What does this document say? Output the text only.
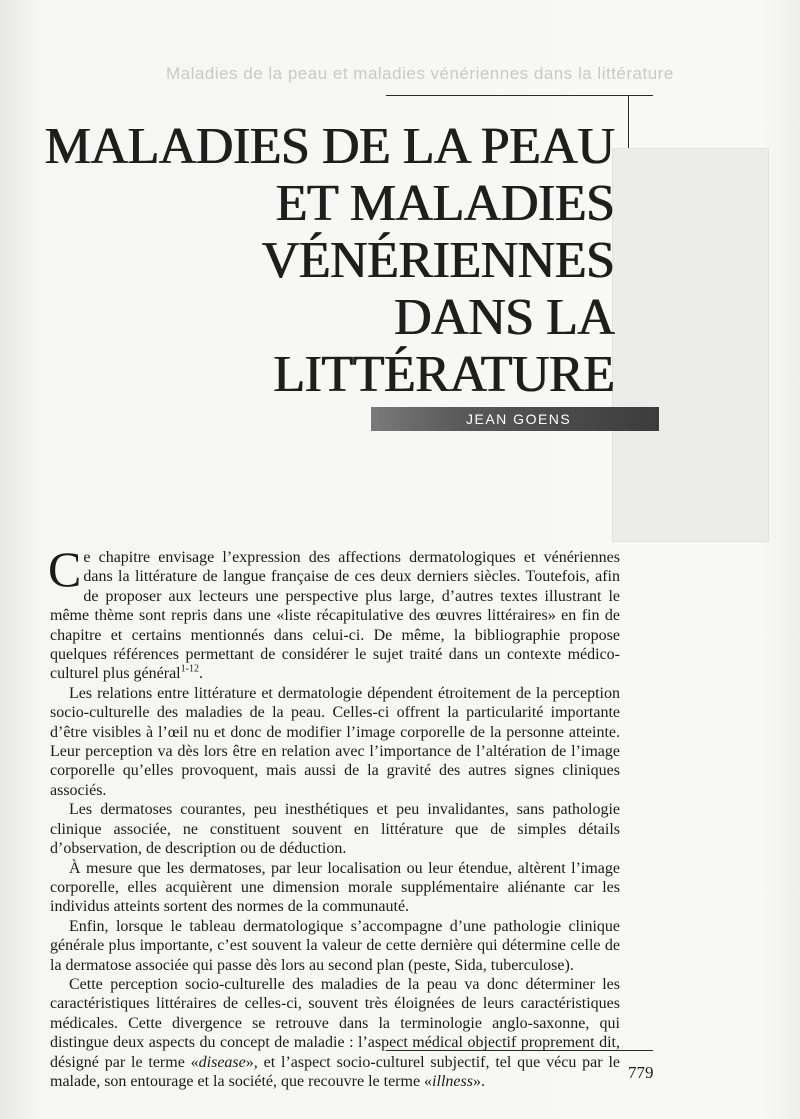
Maladies de la peau et maladies vénériennes dans la littérature
MALADIES DE LA PEAU
ET MALADIES
VÉNÉRIENNES
DANS LA
LITTÉRATURE
JEAN GOENS

Ce chapitre envisage l’expression des affections dermatologiques et vénériennes dans la littérature de langue française de ces deux derniers siècles. Toutefois, afin de proposer aux lecteurs une perspective plus large, d’autres textes illustrant le même thème sont repris dans une «liste récapitulative des œuvres littéraires» en fin de chapitre et certains mentionnés dans celui-ci. De même, la bibliographie propose quelques références permettant de considérer le sujet traité dans un contexte médico-culturel plus général$^{1-12}$.

Les relations entre littérature et dermatologie dépendent étroitement de la perception socio-culturelle des maladies de la peau. Celles-ci offrent la particularité importante d’être visibles à l’œil nu et donc de modifier l’image corporelle de la personne atteinte. Leur perception va dès lors être en relation avec l’importance de l’altération de l’image corporelle qu’elles provoquent, mais aussi de la gravité des autres signes cliniques associés.

Les dermatoses courantes, peu inesthétiques et peu invalidantes, sans pathologie clinique associée, ne constituent souvent en littérature que de simples détails d’observation, de description ou de déduction.

À mesure que les dermatoses, par leur localisation ou leur étendue, altèrent l’image corporelle, elles acquièrent une dimension morale supplémentaire aliénante car les individus atteints sortent des normes de la communauté.

Enfin, lorsque le tableau dermatologique s’accompagne d’une pathologie clinique générale plus importante, c’est souvent la valeur de cette dernière qui détermine celle de la dermatose associée qui passe dès lors au second plan (peste, Sida, tuberculose).

Cette perception socio-culturelle des maladies de la peau va donc déterminer les caractéristiques littéraires de celles-ci, souvent très éloignées de leurs caractéristiques médicales. Cette divergence se retrouve dans la terminologie anglo-saxonne, qui distingue deux aspects du concept de maladie : l’aspect médical objectif proprement dit, désigné par le terme «disease», et l’aspect socio-culturel subjectif, tel que vécu par le malade, son entourage et la société, que recouvre le terme «illness».	779
